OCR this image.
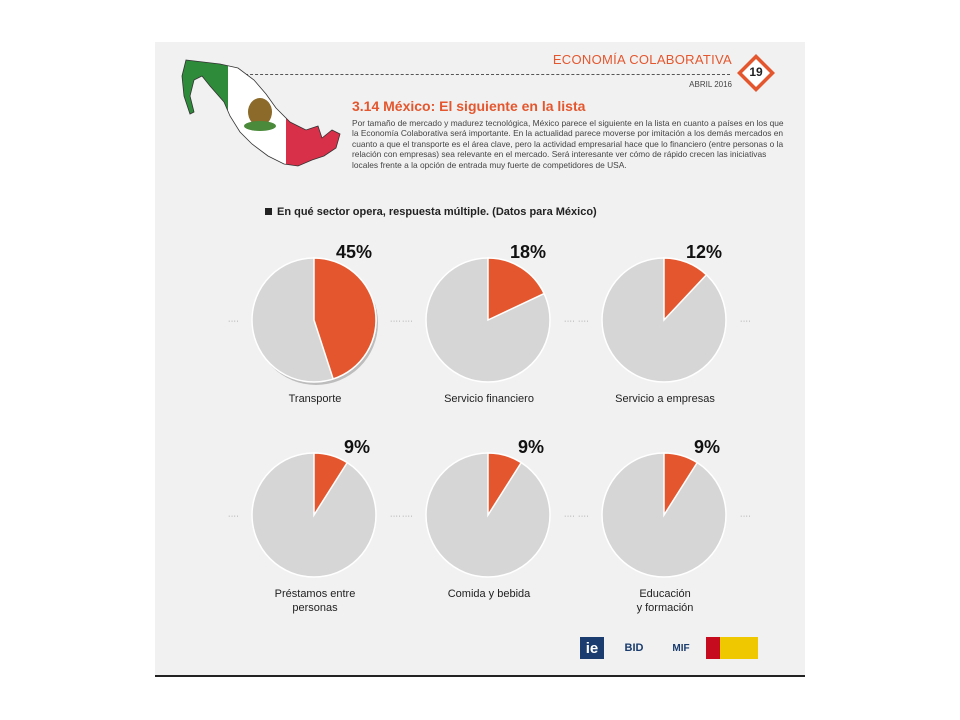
ECONOMÍA COLABORATIVA
ABRIL 2016
19
3.14 México: El siguiente en la lista
Por tamaño de mercado y madurez tecnológica, México parece el siguiente en la lista en cuanto a países en los que la Economía Colaborativa será importante. En la actualidad parece moverse por imitación a los demás mercados en cuanto a que el transporte es el área clave, pero la actividad empresarial hace que lo financiero (entre personas o la relación con empresas) sea relevante en el mercado. Será interesante ver cómo de rápido crecen las iniciativas locales frente a la opción de entrada muy fuerte de competidores de USA.
En qué sector opera, respuesta múltiple. (Datos para México)
45%
····	····
Transporte
18%
····	····
Servicio financiero
12%
····	····
Servicio a empresas
9%
····	····
Préstamos entre
personas
9%
····	····
Comida y bebida
9%
····	····
Educación
y formación
ie	BID	MIF
